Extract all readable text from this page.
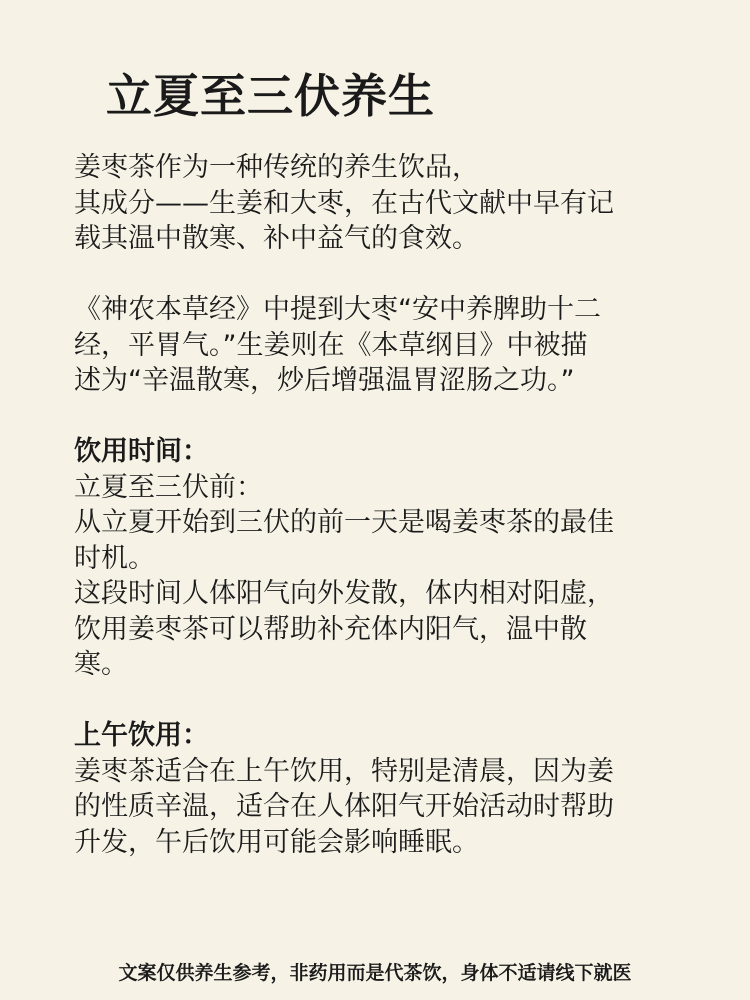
立夏至三伏养生
姜枣茶作为一种传统的养生饮品，
其成分——生姜和大枣，在古代文献中早有记
载其温中散寒、补中益气的食效。
《神农本草经》中提到大枣“安中养脾助十二
经，平胃气。”生姜则在《本草纲目》中被描
述为“辛温散寒，炒后增强温胃涩肠之功。”
饮用时间：
立夏至三伏前：
从立夏开始到三伏的前一天是喝姜枣茶的最佳
时机。
这段时间人体阳气向外发散，体内相对阳虚，
饮用姜枣茶可以帮助补充体内阳气，温中散
寒。
上午饮用：
姜枣茶适合在上午饮用，特别是清晨，因为姜
的性质辛温，适合在人体阳气开始活动时帮助
升发，午后饮用可能会影响睡眠。
文案仅供养生参考，非药用而是代茶饮，身体不适请线下就医
